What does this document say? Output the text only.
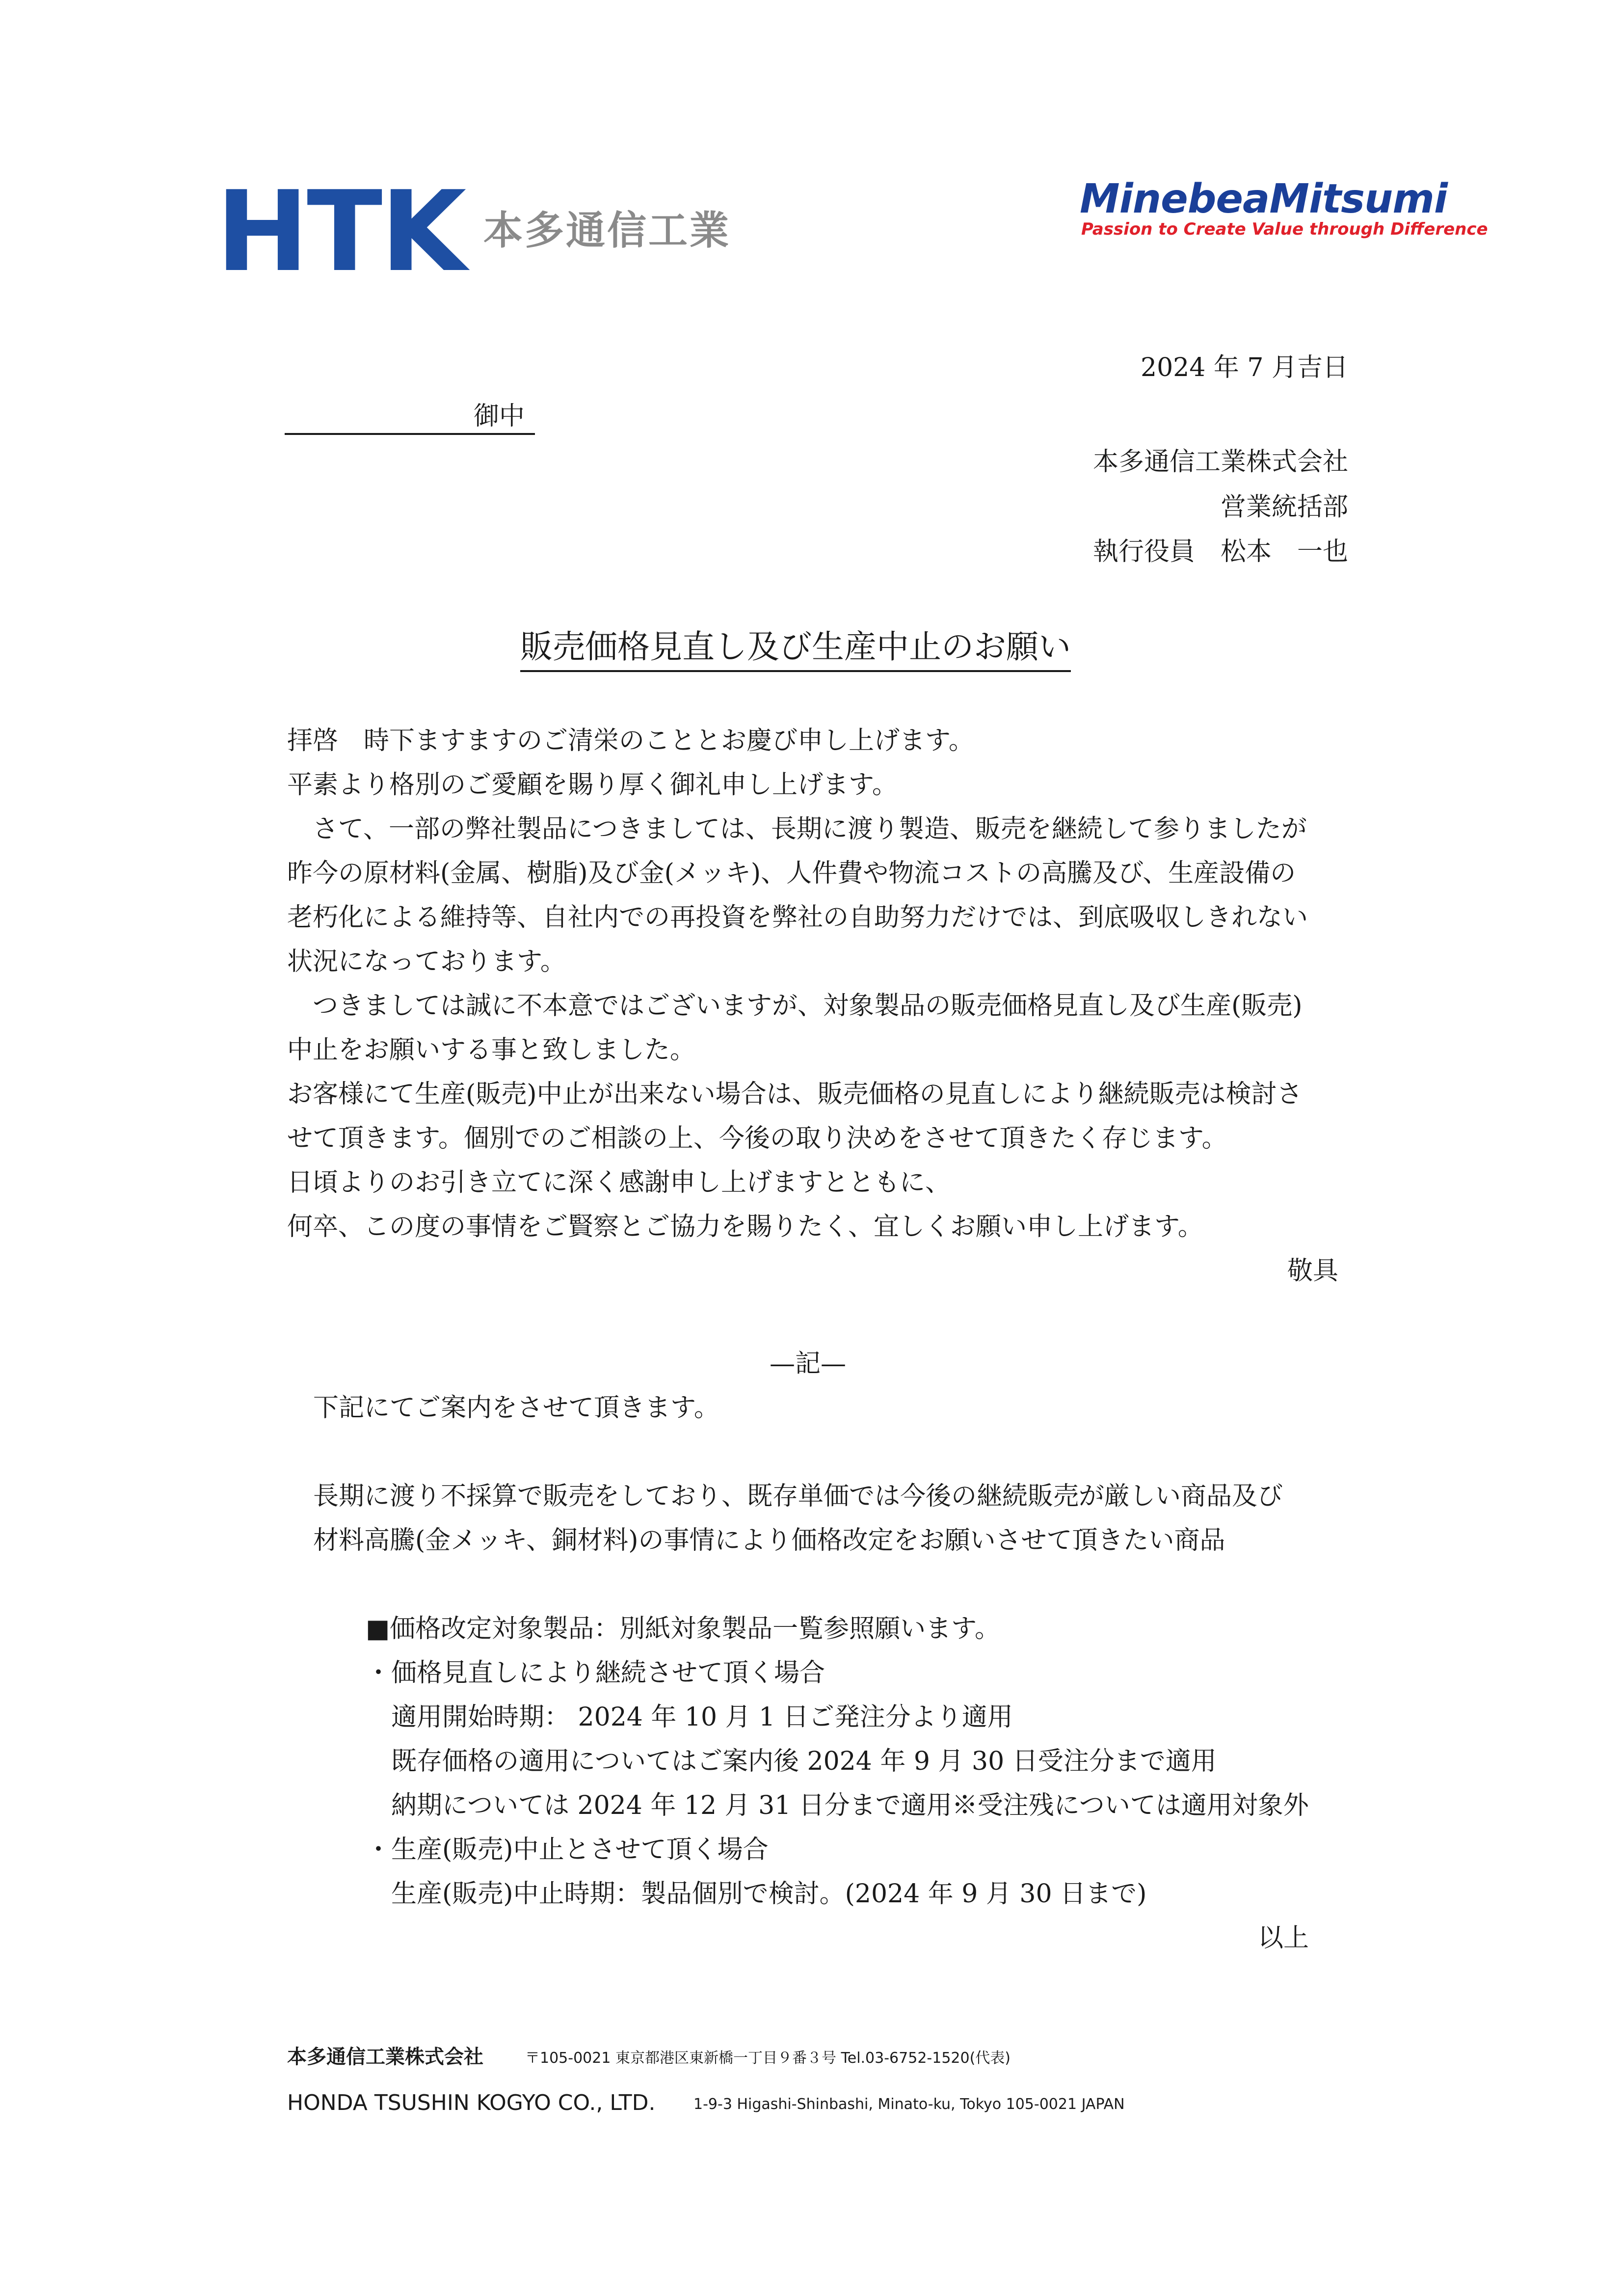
HTK 本多通信工業
MinebeaMitsumi
Passion to Create Value through Difference
2024 年 7 月吉日
御中
本多通信工業株式会社
営業統括部
執行役員　松本　一也
販売価格見直し及び生産中止のお願い
拝啓　時下ますますのご清栄のこととお慶び申し上げます。
平素より格別のご愛顧を賜り厚く御礼申し上げます。
　さて、一部の弊社製品につきましては、長期に渡り製造、販売を継続して参りましたが
昨今の原材料(金属、樹脂)及び金(メッキ)、人件費や物流コストの高騰及び、生産設備の
老朽化による維持等、自社内での再投資を弊社の自助努力だけでは、到底吸収しきれない
状況になっております。
　つきましては誠に不本意ではございますが、対象製品の販売価格見直し及び生産(販売)
中止をお願いする事と致しました。
お客様にて生産(販売)中止が出来ない場合は、販売価格の見直しにより継続販売は検討さ
せて頂きます。個別でのご相談の上、今後の取り決めをさせて頂きたく存じます。
日頃よりのお引き立てに深く感謝申し上げますとともに、
何卒、この度の事情をご賢察とご協力を賜りたく、宜しくお願い申し上げます。
敬具
—記—
下記にてご案内をさせて頂きます。
長期に渡り不採算で販売をしており、既存単価では今後の継続販売が厳しい商品及び
材料高騰(金メッキ、銅材料)の事情により価格改定をお願いさせて頂きたい商品
■価格改定対象製品：別紙対象製品一覧参照願います。
・価格見直しにより継続させて頂く場合
　適用開始時期： 2024 年 10 月 1 日ご発注分より適用
　既存価格の適用についてはご案内後 2024 年 9 月 30 日受注分まで適用
　納期については 2024 年 12 月 31 日分まで適用※受注残については適用対象外
・生産(販売)中止とさせて頂く場合
　生産(販売)中止時期：製品個別で検討。(2024 年 9 月 30 日まで)
以上
本多通信工業株式会社	〒105-0021 東京都港区東新橋一丁目９番３号 Tel.03-6752-1520(代表)
HONDA TSUSHIN KOGYO CO., LTD.	1-9-3 Higashi-Shinbashi, Minato-ku, Tokyo 105-0021 JAPAN
